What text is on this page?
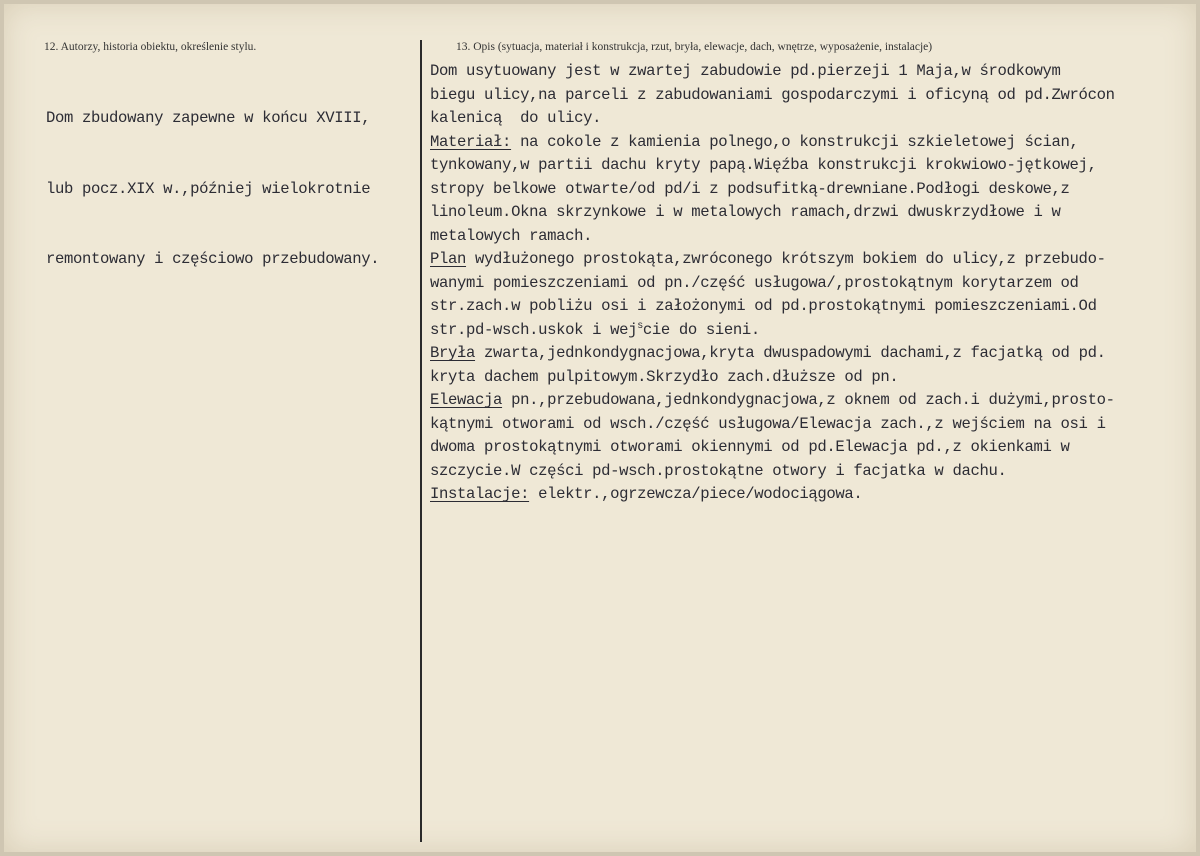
12. Autorzy, historia obiektu, określenie stylu.	13. Opis (sytuacja, materiał i konstrukcja, rzut, bryła, elewacje, dach, wnętrze, wyposażenie, instalacje)

Dom zbudowany zapewne w końcu XVIII,

lub pocz.XIX w.,później wielokrotnie

remontowany i częściowo przebudowany.

Dom usytuowany jest w zwartej zabudowie pd.pierzeji 1 Maja,w środkowym
biegu ulicy,na parceli z zabudowaniami gospodarczymi i oficyną od pd.Zwrócon
kalenicą  do ulicy.
Materiał: na cokole z kamienia polnego,o konstrukcji szkieletowej ścian,
tynkowany,w partii dachu kryty papą.Więźba konstrukcji krokwiowo-jętkowej,
stropy belkowe otwarte/od pd/i z podsufitką-drewniane.Podłogi deskowe,z
linoleum.Okna skrzynkowe i w metalowych ramach,drzwi dwuskrzydłowe i w
metalowych ramach.
Plan wydłużonego prostokąta,zwróconego krótszym bokiem do ulicy,z przebudo-
wanymi pomieszczeniami od pn./część usługowa/,prostokątnym korytarzem od
str.zach.w pobliżu osi i założonymi od pd.prostokątnymi pomieszczeniami.Od
str.pd-wsch.uskok i wej$^s$cie do sieni.
Bryła zwarta,jednkondygnacjowa,kryta dwuspadowymi dachami,z facjatką od pd.
kryta dachem pulpitowym.Skrzydło zach.dłuższe od pn.
Elewacja pn.,przebudowana,jednkondygnacjowa,z oknem od zach.i dużymi,prosto-
kątnymi otworami od wsch./część usługowa/Elewacja zach.,z wejściem na osi i
dwoma prostokątnymi otworami okiennymi od pd.Elewacja pd.,z okienkami w
szczycie.W części pd-wsch.prostokątne otwory i facjatka w dachu.
Instalacje: elektr.,ogrzewcza/piece/wodociągowa.
